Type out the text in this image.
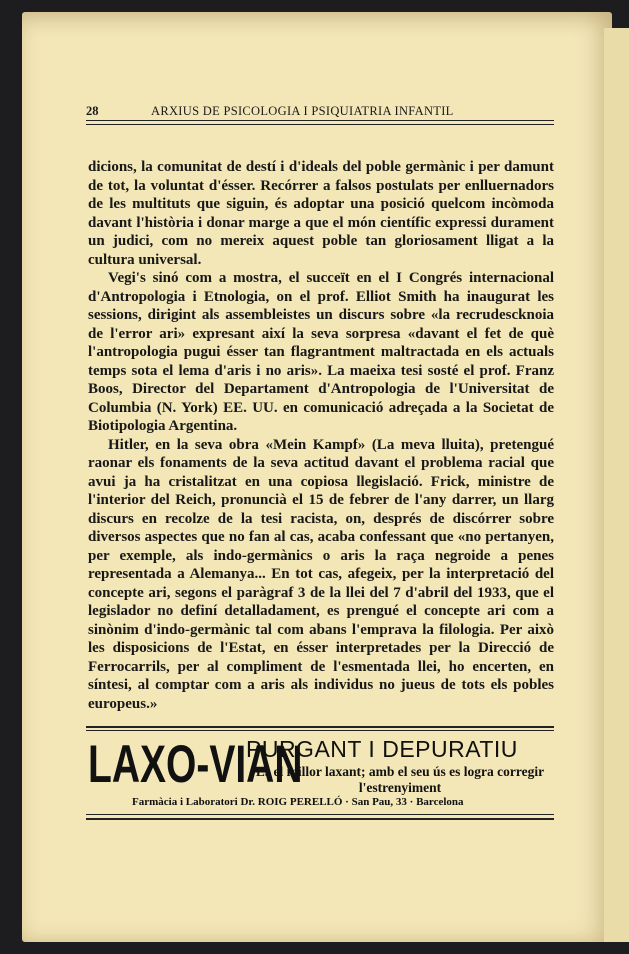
28	ARXIUS DE PSICOLOGIA I PSIQUIATRIA INFANTIL

dicions, la comunitat de destí i d'ideals del poble germànic i per damunt de tot, la voluntat d'ésser. Recórrer a falsos postulats per enlluernadors de les multituts que siguin, és adoptar una posició quelcom incòmoda davant l'història i donar marge a que el món científic expressi durament un judici, com no mereix aquest poble tan gloriosament lligat a la cultura universal.

Vegi's sinó com a mostra, el succeït en el I Congrés internacional d'Antropologia i Etnologia, on el prof. Elliot Smith ha inaugurat les sessions, dirigint als assembleistes un discurs sobre «la recrudescknoia de l'error ari» expresant així la seva sorpresa «davant el fet de què l'antropologia pugui ésser tan flagrantment maltractada en els actuals temps sota el lema d'aris i no aris». La maeixa tesi sosté el prof. Franz Boos, Director del Departament d'Antropologia de l'Universitat de Columbia (N. York) EE. UU. en comunicació adreçada a la Societat de Biotipologia Argentina.

Hitler, en la seva obra «Mein Kampf» (La meva lluita), pretengué raonar els fonaments de la seva actitud davant el problema racial que avui ja ha cristalitzat en una copiosa llegislació. Frick, ministre de l'interior del Reich, pronuncià el 15 de febrer de l'any darrer, un llarg discurs en recolze de la tesi racista, on, després de discórrer sobre diversos aspectes que no fan al cas, acaba confessant que «no pertanyen, per exemple, als indo-germànics o aris la raça negroide a penes representada a Alemanya... En tot cas, afegeix, per la interpretació del concepte ari, segons el paràgraf 3 de la llei del 7 d'abril del 1933, que el legislador no definí detalladament, es prengué el concepte ari com a sinònim d'indo-germànic tal com abans l'emprava la filologia. Per això les disposicions de l'Estat, en ésser interpretades per la Direcció de Ferrocarrils, per al compliment de l'esmentada llei, ho encerten, en síntesi, al comptar com a aris als individus no jueus de tots els pobles europeus.»

LAXO-VIAN
PURGANT I DEPURATIU
Es el millor laxant; amb el seu ús es logra corregir l'estrenyiment
Farmàcia i Laboratori Dr. ROIG PERELLÓ · San Pau, 33 · Barcelona
